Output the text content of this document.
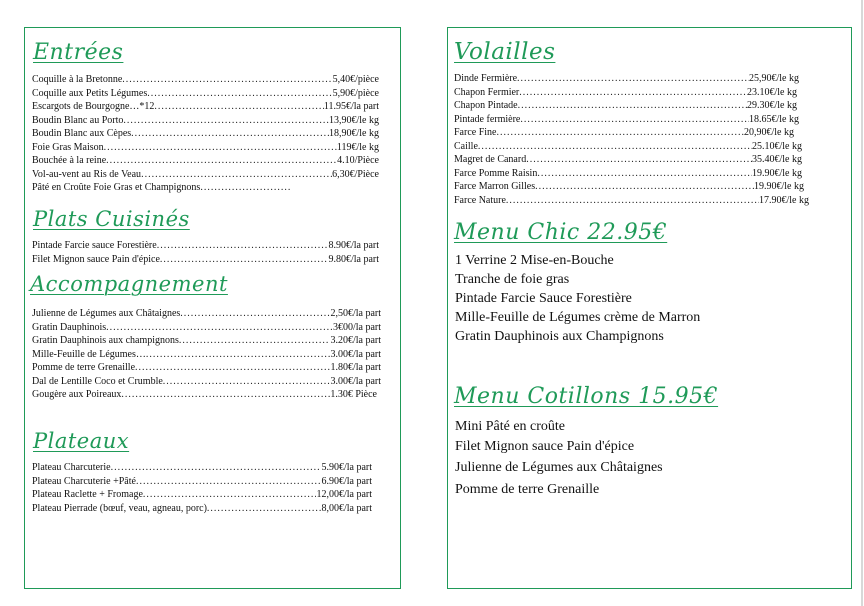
Entrées
Coquille à la Bretonne .....	5,40€/pièce
Coquille aux Petits Légumes .....	5,90€/pièce
Escargots de Bourgogne…*12 .....	11.95€/la part
Boudin Blanc au Porto .....	13,90€/le kg
Boudin Blanc aux Cèpes .....	18,90€/le kg
Foie Gras Maison .....	119€/le kg
Bouchée à la reine .....	4.10/Pièce
Vol-au-vent au Ris de Veau .....	6,30€/Pièce
Pâté en Croûte Foie Gras et Champignons
.....
Plats Cuisinés
Pintade Farcie sauce Forestière .....	8.90€/la part
Filet Mignon sauce Pain d'épice .....	9.80€/la part
Accompagnement
Julienne de Légumes aux Châtaignes .....	2,50€/la part
Gratin Dauphinois .....	3€00/la part
Gratin Dauphinois aux champignons .....	3.20€/la part
Mille-Feuille de Légumes… .....	3.00€/la part
Pomme de terre Grenaille .....	1.80€/la part
Dal de Lentille Coco et Crumble .....	3.00€/la part
Gougère aux Poireaux .....	1.30€ Pièce
Plateaux
Plateau Charcuterie .....	5.90€/la part
Plateau Charcuterie +Pâté .....	6.90€/la part
Plateau Raclette + Fromage .....	12,00€/la part
Plateau Pierrade (bœuf, veau, agneau, porc) .....	8,00€/la part
Volailles
Dinde Fermière .....	25,90€/le kg
Chapon Fermier .....	23.10€/le kg
Chapon Pintade .....	29.30€/le kg
Pintade fermière .....	18.65€/le kg
Farce Fine .....	20,90€/le kg
Caille .....	25.10€/le kg
Magret de Canard .....	35.40€/le kg
Farce Pomme Raisin .....	19.90€/le kg
Farce Marron Gilles .....	19.90€/le kg
Farce Nature .....	17.90€/le kg
Menu Chic 22.95€
1 Verrine 2 Mise-en-Bouche
Tranche de foie gras
Pintade Farcie Sauce Forestière
Mille-Feuille de Légumes crème de Marron
Gratin Dauphinois aux Champignons
Menu Cotillons 15.95€
Mini Pâté en croûte
Filet Mignon sauce Pain d'épice
Julienne de Légumes aux Châtaignes
Pomme de terre Grenaille
